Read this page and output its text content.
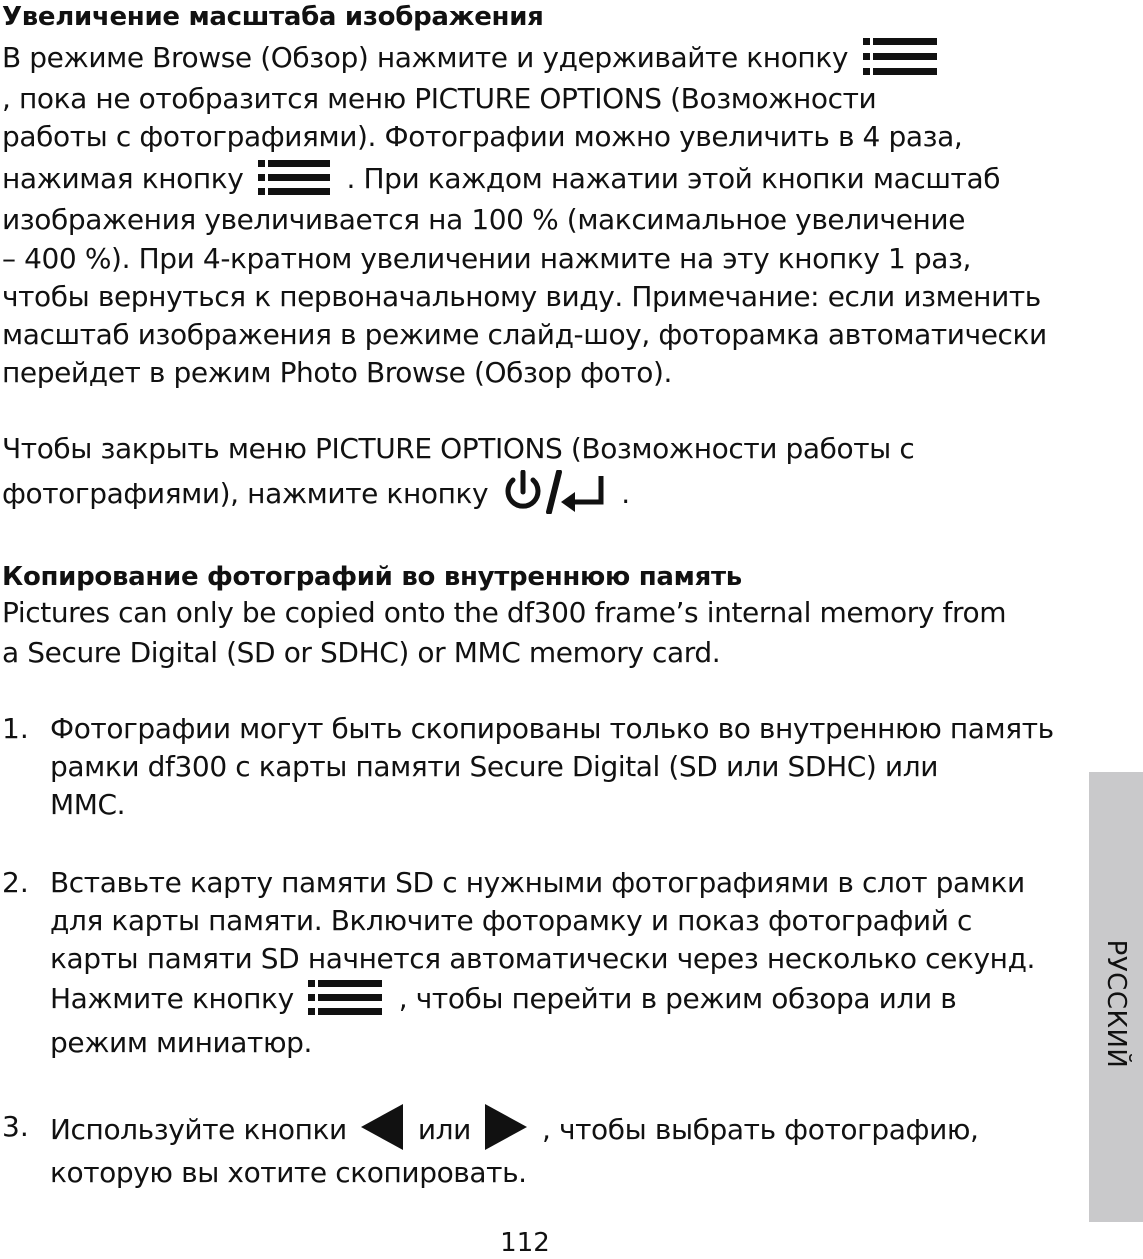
Увеличение масштаба изображения
В режиме Browse (Обзор) нажмите и удерживайте кнопку
, пока не отобразится меню PICTURE OPTIONS (Возможности
работы с фотографиями). Фотографии можно увеличить в 4 раза,
нажимая кнопку	. При каждом нажатии этой кнопки масштаб
изображения увеличивается на 100 % (максимальное увеличение
– 400 %). При 4-кратном увеличении нажмите на эту кнопку 1 раз,
чтобы вернуться к первоначальному виду. Примечание: если изменить
масштаб изображения в режиме слайд-шоу, фоторамка автоматически
перейдет в режим Photo Browse (Обзор фото).
Чтобы закрыть меню PICTURE OPTIONS (Возможности работы с
фотографиями), нажмите кнопку	.
Копирование фотографий во внутреннюю память
Pictures can only be copied onto the df300 frame’s internal memory from
a Secure Digital (SD or SDHC) or MMC memory card.
1. Фотографии могут быть скопированы только во внутреннюю память
рамки df300 с карты памяти Secure Digital (SD или SDHC) или
MMC.
2. Вставьте карту памяти SD с нужными фотографиями в слот рамки
для карты памяти. Включите фоторамку и показ фотографий с
карты памяти SD начнется автоматически через несколько секунд.
Нажмите кнопку	, чтобы перейти в режим обзора или в
режим миниатюр.
3. Используйте кнопки	или	, чтобы выбрать фотографию,
которую вы хотите скопировать.
112
РУССКИЙ
